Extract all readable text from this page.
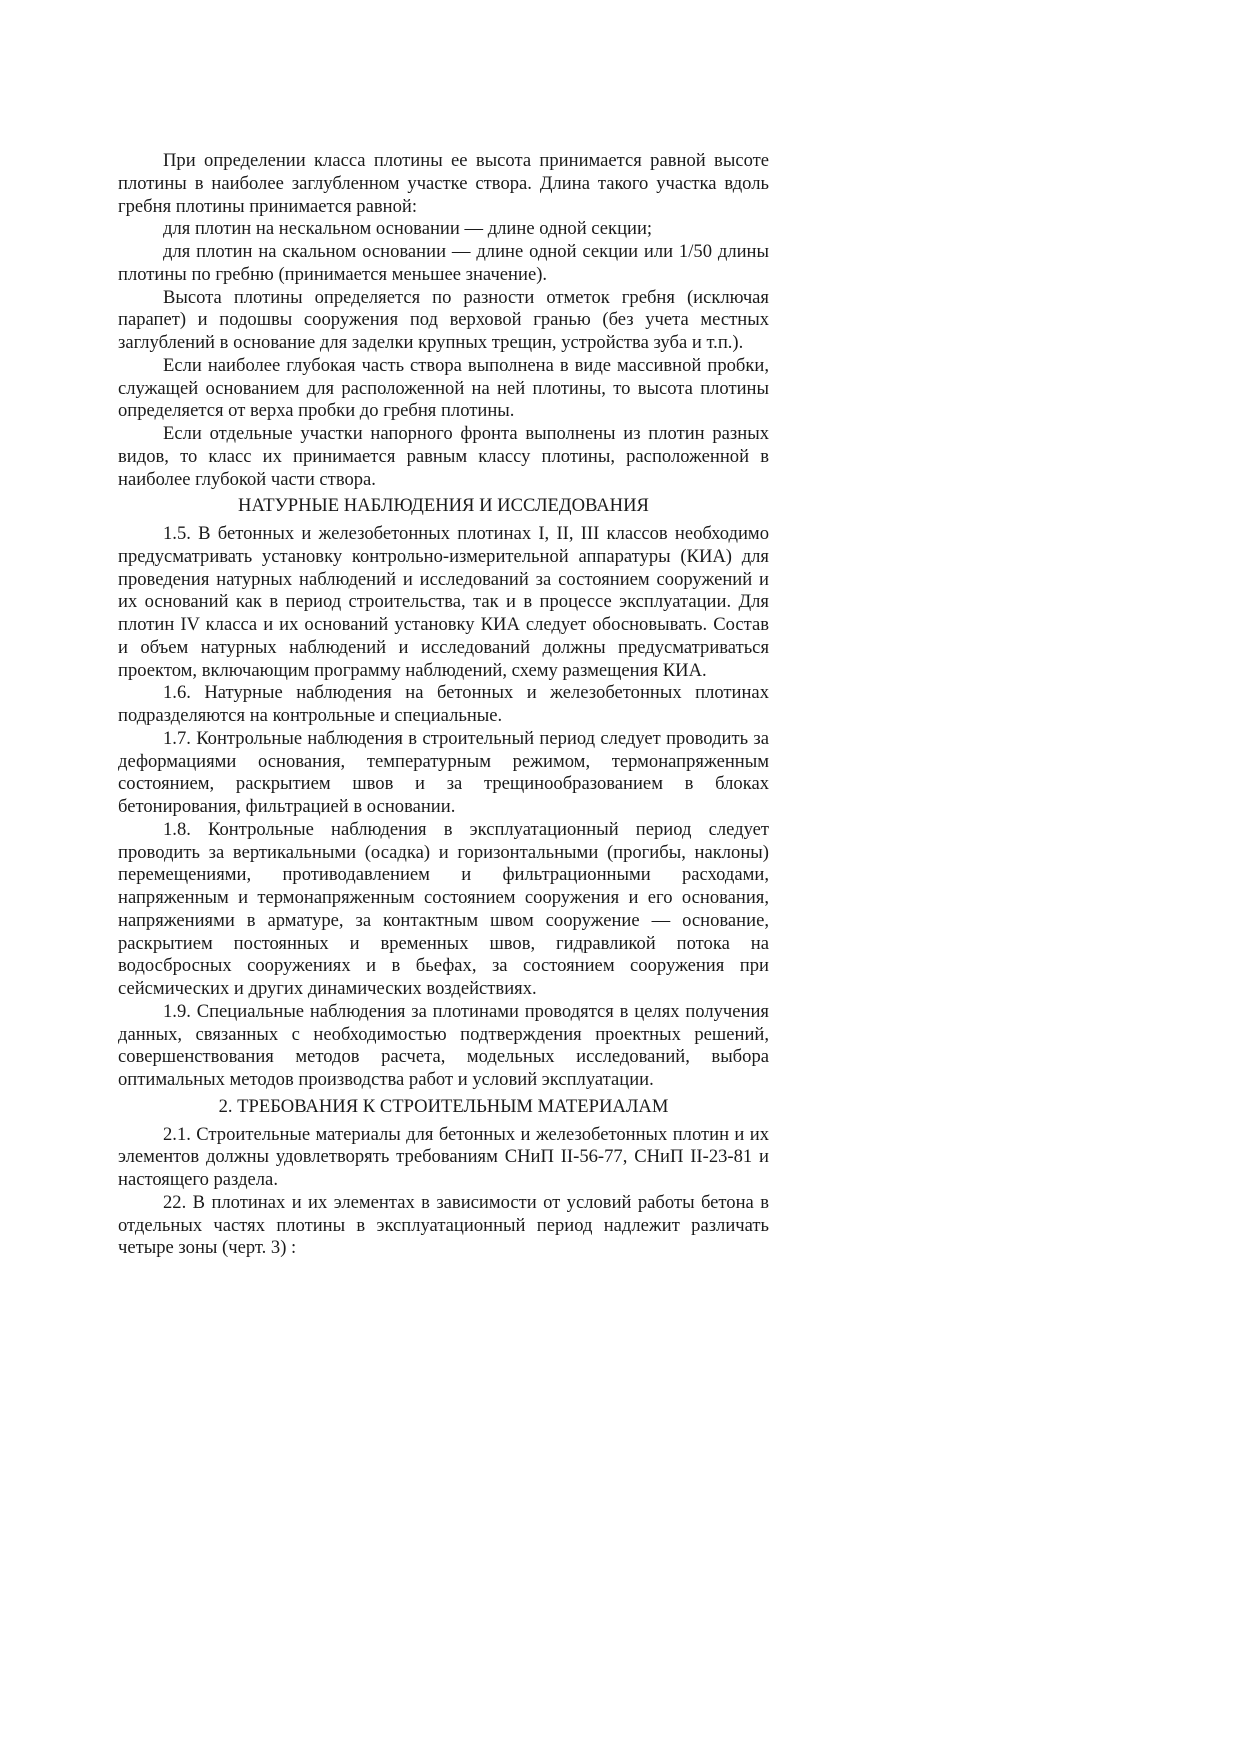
При определении класса плотины ее высота принимается равной высоте плотины в наиболее заглубленном участке створа. Длина такого участка вдоль гребня плотины принимается равной:

для плотин на нескальном основании — длине одной секции;

для плотин на скальном основании — длине одной секции или 1/50 длины плотины по гребню (принимается меньшее значение).

Высота плотины определяется по разности отметок гребня (исключая парапет) и подошвы сооружения под верховой гранью (без учета местных заглублений в основание для заделки крупных трещин, устройства зуба и т.п.).

Если наиболее глубокая часть створа выполнена в виде массивной пробки, служащей основанием для расположенной на ней плотины, то высота плотины определяется от верха пробки до гребня плотины.

Если отдельные участки напорного фронта выполнены из плотин разных видов, то класс их принимается равным классу плотины, расположенной в наиболее глубокой части створа.

НАТУРНЫЕ НАБЛЮДЕНИЯ И ИССЛЕДОВАНИЯ

1.5. В бетонных и железобетонных плотинах I, II, III классов необходимо предусматривать установку контрольно-измерительной аппаратуры (КИА) для проведения натурных наблюдений и исследований за состоянием сооружений и их оснований как в период строительства, так и в процессе эксплуатации. Для плотин IV класса и их оснований установку КИА следует обосновывать. Состав и объем натурных наблюдений и исследований должны предусматриваться проектом, включающим программу наблюдений, схему размещения КИА.

1.6. Натурные наблюдения на бетонных и железобетонных плотинах подразделяются на контрольные и специальные.

1.7. Контрольные наблюдения в строительный период следует проводить за деформациями основания, температурным режимом, термонапряженным состоянием, раскрытием швов и за трещинообразованием в блоках бетонирования, фильтрацией в основании.

1.8. Контрольные наблюдения в эксплуатационный период следует проводить за вертикальными (осадка) и горизонтальными (прогибы, наклоны) перемещениями, противодавлением и фильтрационными расходами, напряженным и термонапряженным состоянием сооружения и его основания, напряжениями в арматуре, за контактным швом сооружение — основание, раскрытием постоянных и временных швов, гидравликой потока на водосбросных сооружениях и в бьефах, за состоянием сооружения при сейсмических и других динамических воздействиях.

1.9. Специальные наблюдения за плотинами проводятся в целях получения данных, связанных с необходимостью подтверждения проектных решений, совершенствования методов расчета, модельных исследований, выбора оптимальных методов производства работ и условий эксплуатации.

2. ТРЕБОВАНИЯ К СТРОИТЕЛЬНЫМ МАТЕРИАЛАМ

2.1. Строительные материалы для бетонных и железобетонных плотин и их элементов должны удовлетворять требованиям СНиП II-56-77, СНиП II-23-81 и настоящего раздела.

22. В плотинах и их элементах в зависимости от условий работы бетона в отдельных частях плотины в эксплуатационный период надлежит различать четыре зоны (черт. 3) :
